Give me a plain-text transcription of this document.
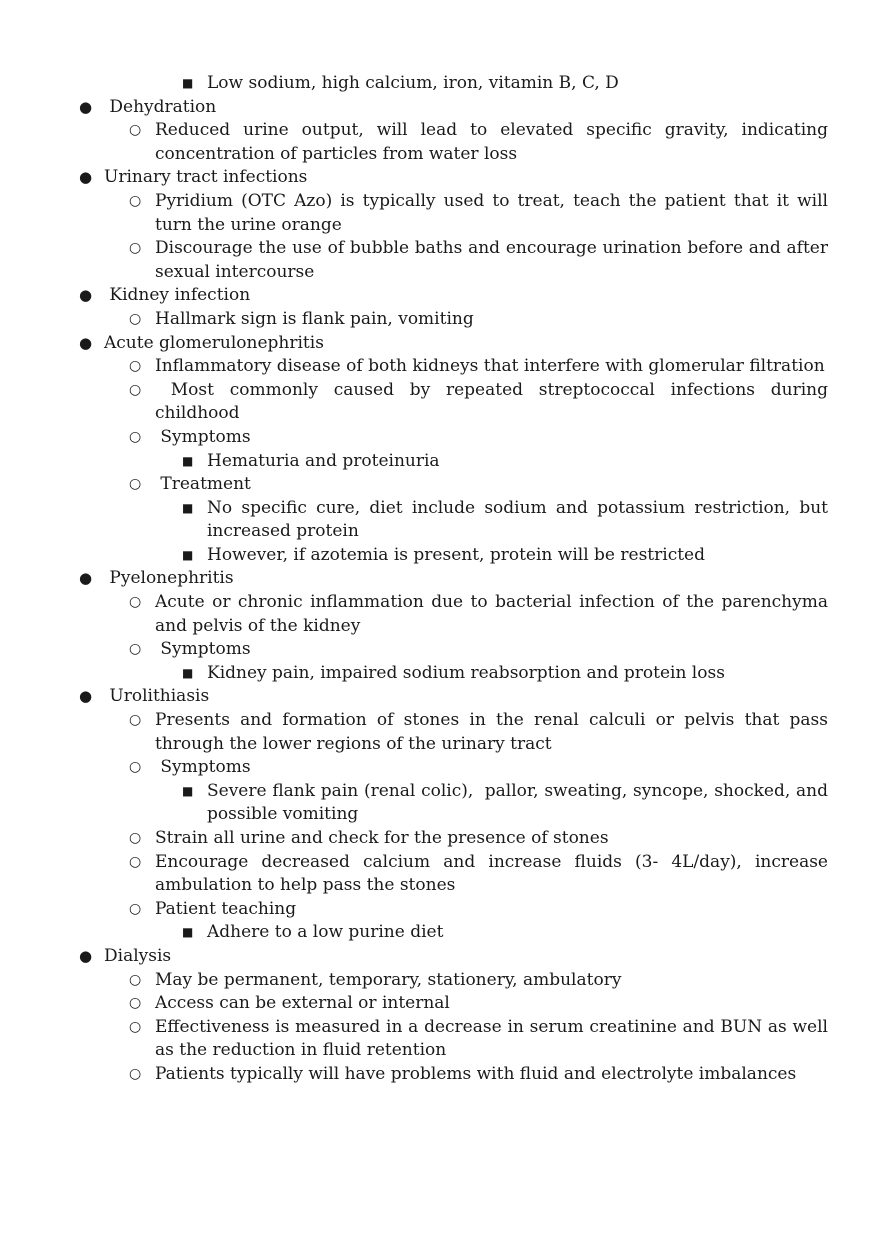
■ Low sodium, high calcium, iron, vitamin B, C, D
● Dehydration
○ Reduced urine output, will lead to elevated specific gravity, indicating concentration of particles from water loss
● Urinary tract infections
○ Pyridium (OTC Azo) is typically used to treat, teach the patient that it will turn the urine orange
○ Discourage the use of bubble baths and encourage urination before and after sexual intercourse
● Kidney infection
○ Hallmark sign is flank pain, vomiting
● Acute glomerulonephritis
○ Inflammatory disease of both kidneys that interfere with glomerular filtration
○ Most commonly caused by repeated streptococcal infections during childhood
○ Symptoms
■ Hematuria and proteinuria
○ Treatment
■ No specific cure, diet include sodium and potassium restriction, but increased protein
■ However, if azotemia is present, protein will be restricted
● Pyelonephritis
○ Acute or chronic inflammation due to bacterial infection of the parenchyma and pelvis of the kidney
○ Symptoms
■ Kidney pain, impaired sodium reabsorption and protein loss
● Urolithiasis
○ Presents and formation of stones in the renal calculi or pelvis that pass through the lower regions of the urinary tract
○ Symptoms
■ Severe flank pain (renal colic),  pallor, sweating, syncope, shocked, and possible vomiting
○ Strain all urine and check for the presence of stones
○ Encourage decreased calcium and increase fluids (3- 4L/day), increase ambulation to help pass the stones
○ Patient teaching
■ Adhere to a low purine diet
● Dialysis
○ May be permanent, temporary, stationery, ambulatory
○ Access can be external or internal
○ Effectiveness is measured in a decrease in serum creatinine and BUN as well as the reduction in fluid retention
○ Patients typically will have problems with fluid and electrolyte imbalances
